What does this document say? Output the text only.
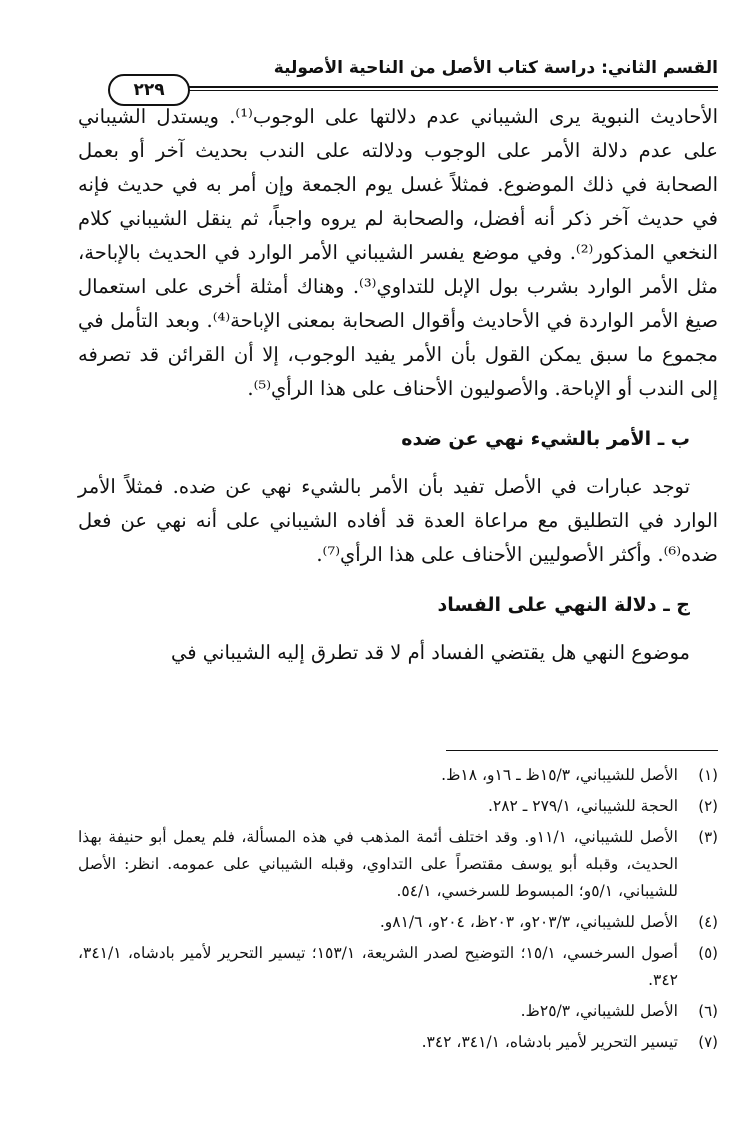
القسم الثاني: دراسة كتاب الأصل من الناحية الأصولية
٢٢٩

الأحاديث النبوية يرى الشيباني عدم دلالتها على الوجوب⁽¹⁾. ويستدل الشيباني على عدم دلالة الأمر على الوجوب ودلالته على الندب بحديث آخر أو بعمل الصحابة في ذلك الموضوع. فمثلاً غسل يوم الجمعة وإن أمر به في حديث فإنه في حديث آخر ذكر أنه أفضل، والصحابة لم يروه واجباً، ثم ينقل الشيباني كلام النخعي المذكور⁽²⁾. وفي موضع يفسر الشيباني الأمر الوارد في الحديث بالإباحة، مثل الأمر الوارد بشرب بول الإبل للتداوي⁽³⁾. وهناك أمثلة أخرى على استعمال صيغ الأمر الواردة في الأحاديث وأقوال الصحابة بمعنى الإباحة⁽⁴⁾. وبعد التأمل في مجموع ما سبق يمكن القول بأن الأمر يفيد الوجوب، إلا أن القرائن قد تصرفه إلى الندب أو الإباحة. والأصوليون الأحناف على هذا الرأي⁽⁵⁾.

ب ـ الأمر بالشيء نهي عن ضده

توجد عبارات في الأصل تفيد بأن الأمر بالشيء نهي عن ضده. فمثلاً الأمر الوارد في التطليق مع مراعاة العدة قد أفاده الشيباني على أنه نهي عن فعل ضده⁽⁶⁾. وأكثر الأصوليين الأحناف على هذا الرأي⁽⁷⁾.

ج ـ دلالة النهي على الفساد

موضوع النهي هل يقتضي الفساد أم لا قد تطرق إليه الشيباني في

(١)
الأصل للشيباني، ١٥/٣ظ ـ ١٦و، ١٨ظ.
(٢)
الحجة للشيباني، ٢٧٩/١ ـ ٢٨٢.
(٣)
الأصل للشيباني، ١١/١و. وقد اختلف أئمة المذهب في هذه المسألة، فلم يعمل أبو حنيفة بهذا الحديث، وقبله أبو يوسف مقتصراً على التداوي، وقبله الشيباني على عمومه. انظر: الأصل للشيباني، ٥/١و؛ المبسوط للسرخسي، ٥٤/١.
(٤)
الأصل للشيباني، ٢٠٣/٣و، ٢٠٣ظ، ٢٠٤و، ٨١/٦و.
(٥)
أصول السرخسي، ١٥/١؛ التوضيح لصدر الشريعة، ١٥٣/١؛ تيسير التحرير لأمير بادشاه، ٣٤١/١، ٣٤٢.
(٦)
الأصل للشيباني، ٢٥/٣ظ.
(٧)
تيسير التحرير لأمير بادشاه، ٣٤١/١، ٣٤٢.
